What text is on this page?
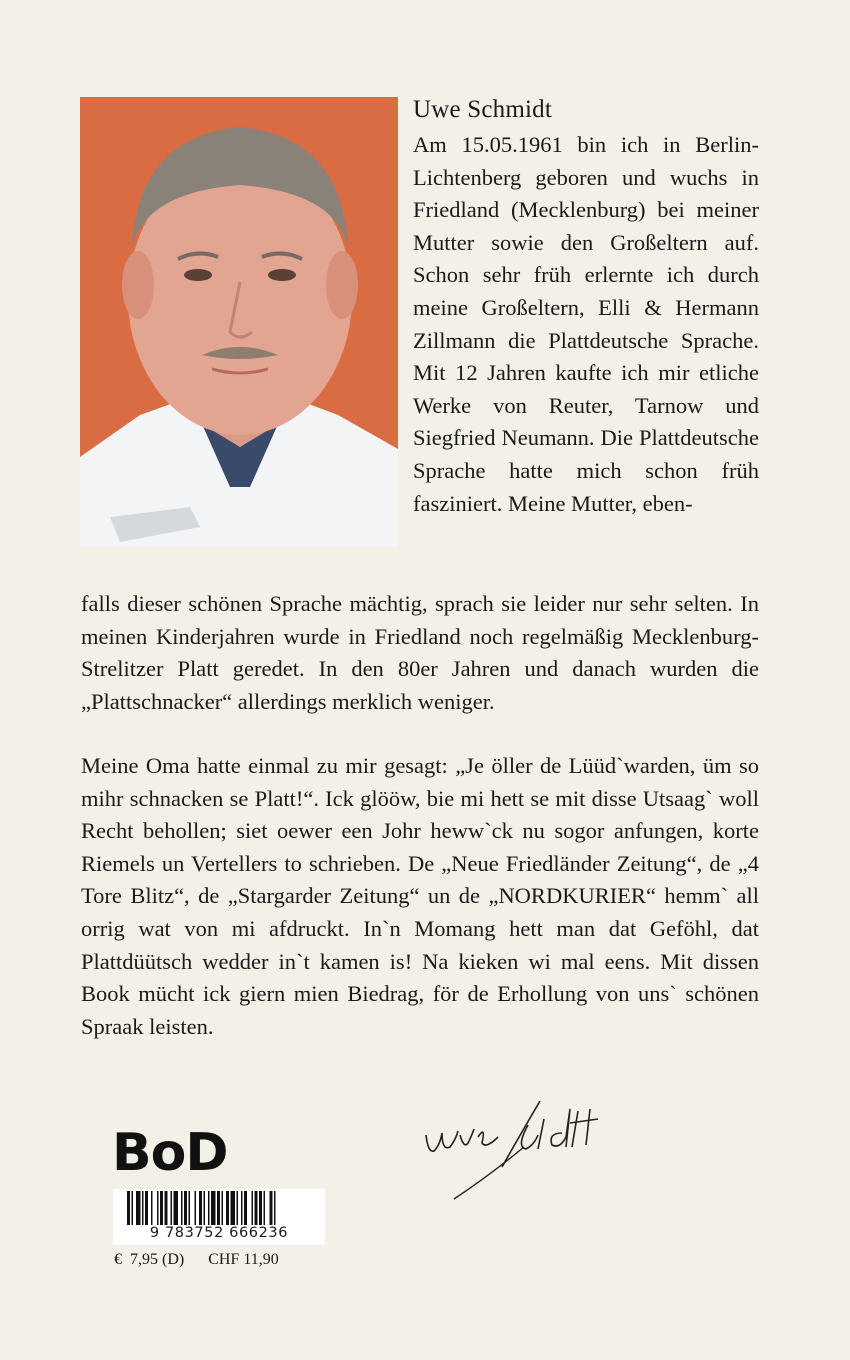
Uwe Schmidt
Am 15.05.1961 bin ich in Berlin-Lichtenberg geboren und wuchs in Friedland (Mecklenburg) bei meiner Mutter sowie den Großeltern auf. Schon sehr früh erlernte ich durch meine Großeltern, Elli & Hermann Zillmann die Plattdeutsche Sprache. Mit 12 Jahren kaufte ich mir etliche Werke von Reuter, Tarnow und Siegfried Neumann. Die Plattdeutsche Sprache hatte mich schon früh fasziniert. Meine Mutter, eben-
falls dieser schönen Sprache mächtig, sprach sie leider nur sehr selten. In meinen Kinderjahren wurde in Friedland noch regelmäßig Mecklenburg-Strelitzer Platt geredet. In den 80er Jahren und danach wurden die „Plattschnacker“ allerdings merklich weniger.
Meine Oma hatte einmal zu mir gesagt: „Je öller de Lüüd`warden, üm so mihr schnacken se Platt!“. Ick glööw, bie mi hett se mit disse Utsaag` woll Recht behollen; siet oewer een Johr heww`ck nu sogor anfungen, korte Riemels un Vertellers to schrieben. De „Neue Friedländer Zeitung“, de „4 Tore Blitz“, de „Stargarder Zeitung“ un de „NORDKURIER“ hemm` all orrig wat von mi afdruckt. In`n Momang hett man dat Geföhl, dat Plattdüütsch wedder in`t kamen is! Na kieken wi mal eens. Mit dissen Book mücht ick giern mien Biedrag, för de Erhollung von uns` schönen Spraak leisten.
BoD
9 783752 666236
€  7,95 (D)      CHF 11,90
